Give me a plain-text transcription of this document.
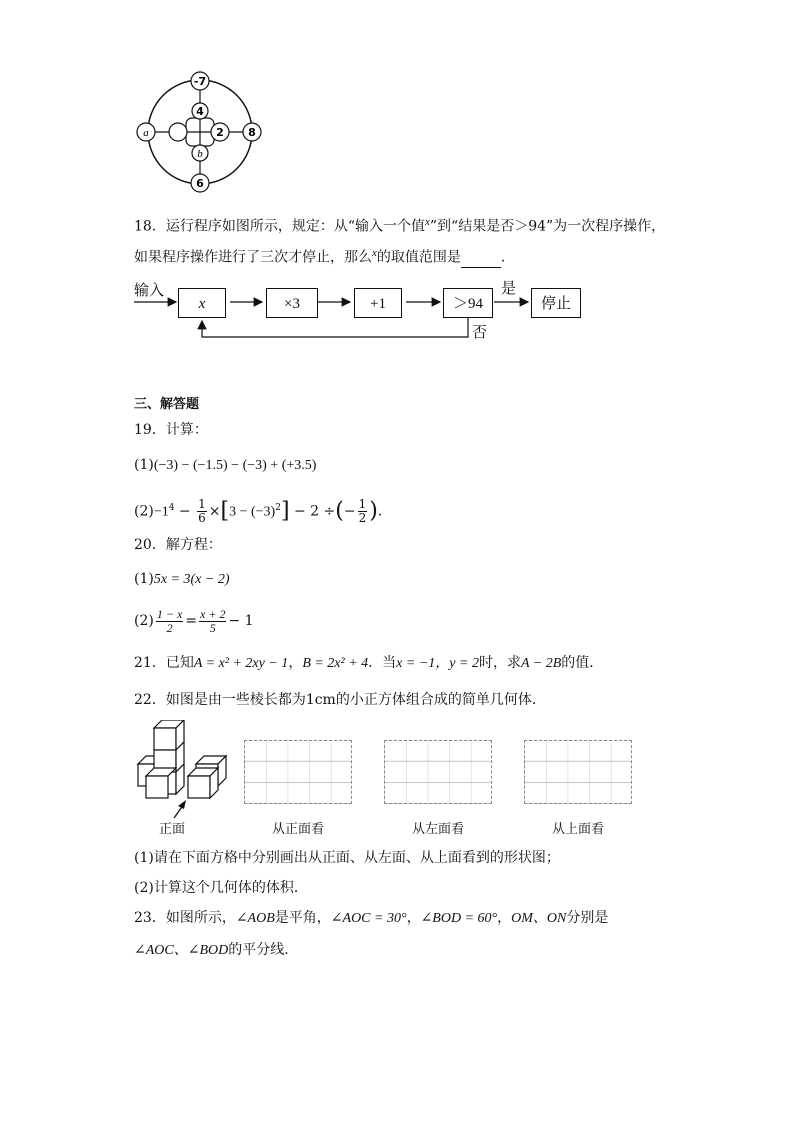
-7
4
a	2 8
b
6
18．运行程序如图所示，规定：从“输入一个值$^x$”到“结果是否＞94”为一次程序操作，
如果程序操作进行了三次才停止，那么$^x$的取值范围是	．
输入
x	×3	+1	＞94
是
否
停止
三、解答题
19．计算：
(1)(−3) − (−1.5) − (−3) + (+3.5)
$(2)-1^4 - \frac{1}{6} \times[3 - (-3)^2] - 2$ ÷(− $\frac{1}{2}$ )．
20．解方程：
(1)5x = 3(x − 2)
$(2) \frac{1 - x}{2} = \frac{x + 2}{5} - 1$
21．已知A = x² + 2xy − 1，B = 2x² + 4．当x = −1，y = 2时，求A − 2B的值．
22．如图是由一些棱长都为1cm的小正方体组合成的简单几何体．
正面	从正面看	从左面看	从上面看
(1)请在下面方格中分别画出从正面、从左面、从上面看到的形状图；
(2)计算这个几何体的体积．
23．如图所示，∠AOB是平角，∠AOC = 30°，∠BOD = 60°，OM、ON分别是
∠AOC、∠BOD的平分线．
